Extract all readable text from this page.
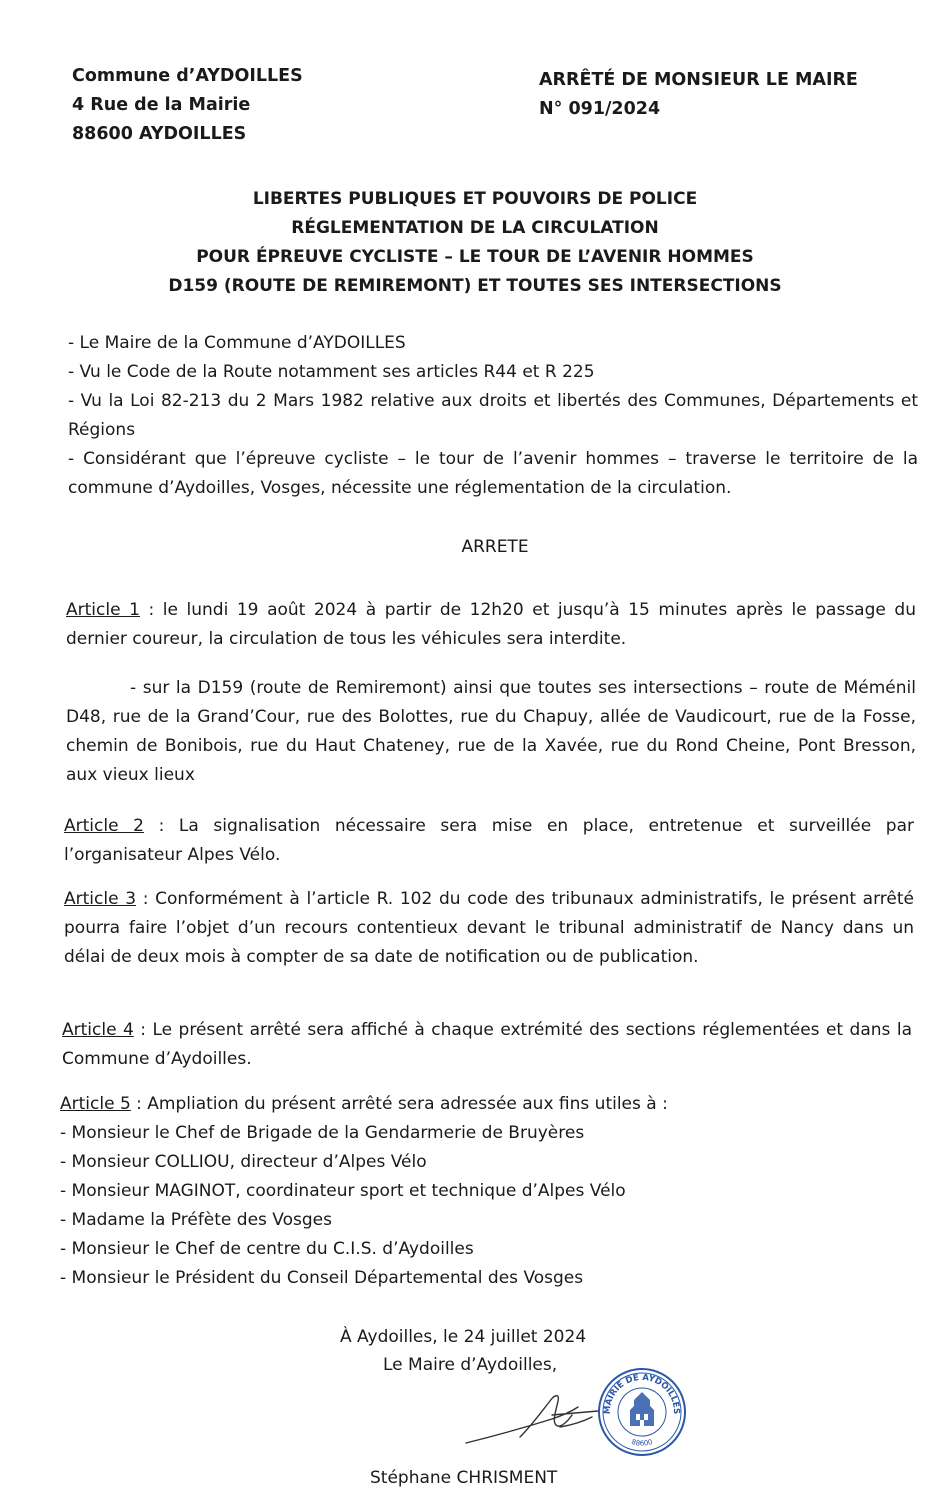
Commune d’AYDOILLES
4 Rue de la Mairie
88600 AYDOILLES
ARRÊTÉ DE MONSIEUR LE MAIRE
N° 091/2024
LIBERTES PUBLIQUES ET POUVOIRS DE POLICE
RÉGLEMENTATION DE LA CIRCULATION
POUR ÉPREUVE CYCLISTE – LE TOUR DE L’AVENIR HOMMES
D159 (ROUTE DE REMIREMONT) ET TOUTES SES INTERSECTIONS

- Le Maire de la Commune d’AYDOILLES

- Vu le Code de la Route notamment ses articles R44 et R 225

- Vu la Loi 82-213 du 2 Mars 1982 relative aux droits et libertés des Communes, Départements et Régions

- Considérant que l’épreuve cycliste – le tour de l’avenir hommes – traverse le territoire de la commune d’Aydoilles, Vosges, nécessite une réglementation de la circulation.

ARRETE

Article 1 : le lundi 19 août 2024 à partir de 12h20 et jusqu’à 15 minutes après le passage du dernier coureur, la circulation de tous les véhicules sera interdite.

- sur la D159 (route de Remiremont) ainsi que toutes ses intersections – route de Méménil D48, rue de la Grand’Cour, rue des Bolottes, rue du Chapuy, allée de Vaudicourt, rue de la Fosse, chemin de Bonibois, rue du Haut Chateney, rue de la Xavée, rue du Rond Cheine, Pont Bresson, aux vieux lieux

Article 2 : La signalisation nécessaire sera mise en place, entretenue et surveillée par l’organisateur Alpes Vélo.

Article 3 : Conformément à l’article R. 102 du code des tribunaux administratifs, le présent arrêté pourra faire l’objet d’un recours contentieux devant le tribunal administratif de Nancy dans un délai de deux mois à compter de sa date de notification ou de publication.

Article 4 : Le présent arrêté sera affiché à chaque extrémité des sections réglementées et dans la Commune d’Aydoilles.

Article 5 : Ampliation du présent arrêté sera adressée aux fins utiles à :

- Monsieur le Chef de Brigade de la Gendarmerie de Bruyères

- Monsieur COLLIOU, directeur d’Alpes Vélo

- Monsieur MAGINOT, coordinateur sport et technique d’Alpes Vélo

- Madame la Préfète des Vosges

- Monsieur le Chef de centre du C.I.S. d’Aydoilles

- Monsieur le Président du Conseil Départemental des Vosges

À Aydoilles, le 24 juillet 2024
Le Maire d’Aydoilles,
MAIRIE DE AYDOILLES
88600
Stéphane CHRISMENT
